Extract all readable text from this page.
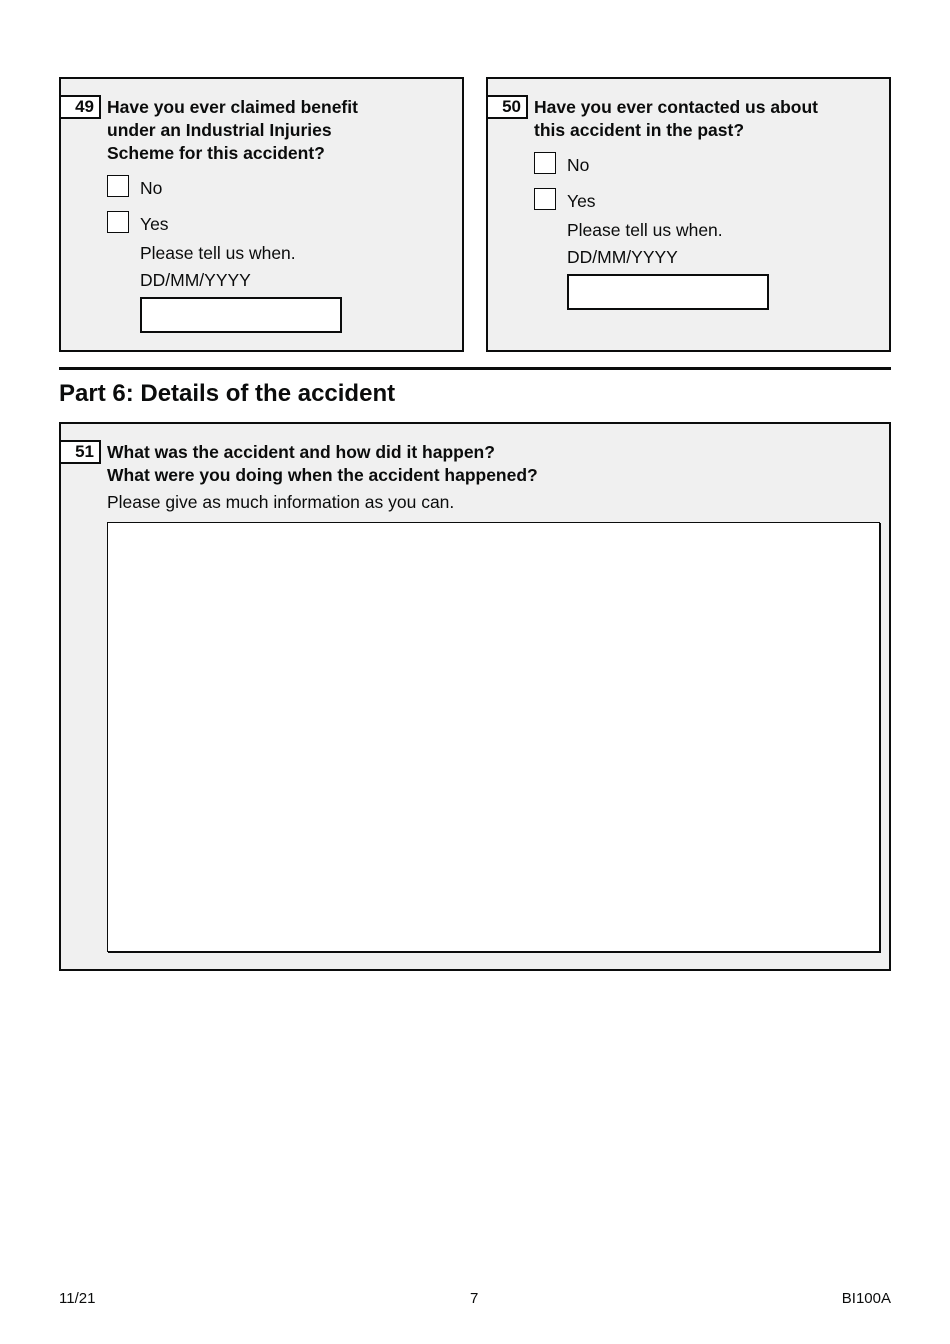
49 Have you ever claimed benefit
under an Industrial Injuries
Scheme for this accident?
No
Yes
Please tell us when.
DD/MM/YYYY
50 Have you ever contacted us about
this accident in the past?
No
Yes
Please tell us when.
DD/MM/YYYY
Part 6: Details of the accident
51 What was the accident and how did it happen?
What were you doing when the accident happened?
Please give as much information as you can.
11/21	7	BI100A
